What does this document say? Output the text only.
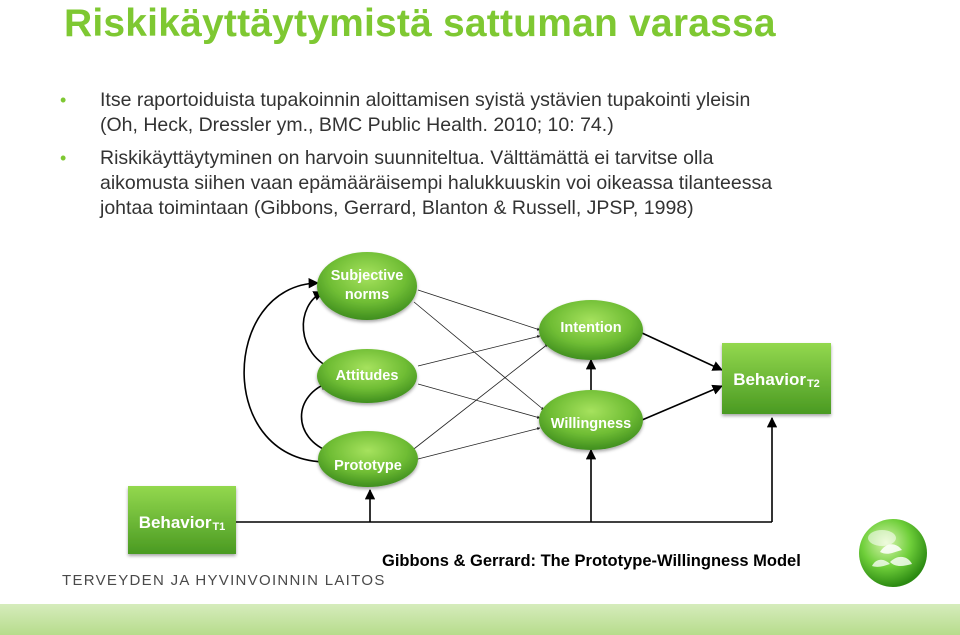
Riskikäyttäytymistä sattuman varassa
• Itse raportoiduista tupakoinnin aloittamisen syistä ystävien tupakointi yleisin
(Oh, Heck, Dressler ym., BMC Public Health. 2010; 10: 74.)
• Riskikäyttäytyminen on harvoin suunniteltua. Välttämättä ei tarvitse olla
aikomusta siihen vaan epämääräisempi halukkuuskin voi oikeassa tilanteessa
johtaa toimintaan (Gibbons, Gerrard, Blanton & Russell, JPSP, 1998)
Subjective
norms
Attitudes
Prototype
Intention
Willingness
Behavior T1
Behavior T2
Gibbons & Gerrard: The Prototype-Willingness Model
TERVEYDEN JA HYVINVOINNIN LAITOS
